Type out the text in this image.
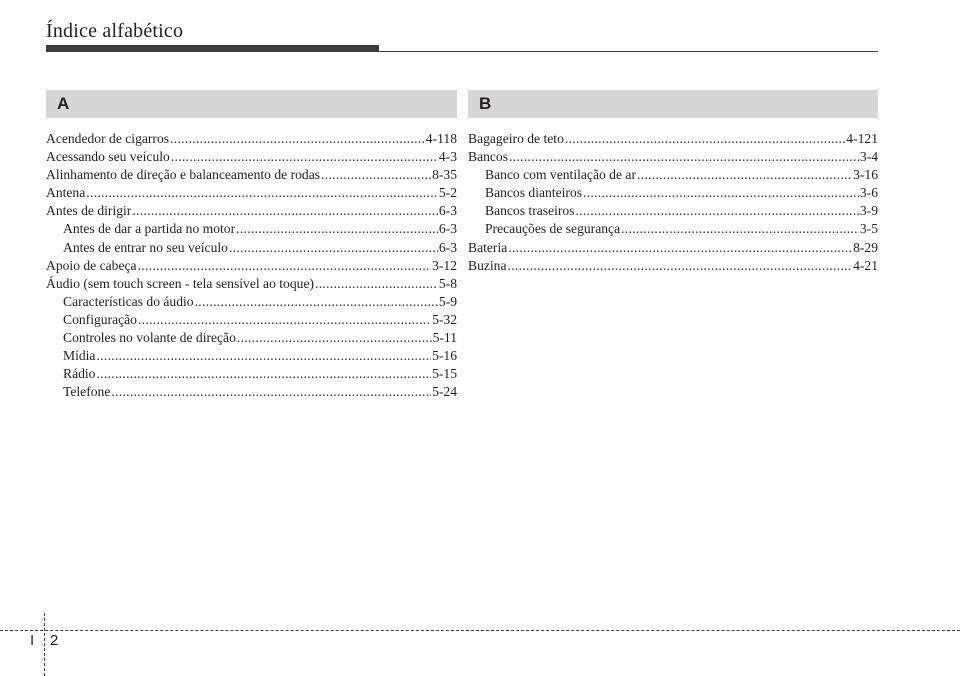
Índice alfabético
A
Acendedor de cigarros .....	4-118
Acessando seu veículo .....	4-3
Alinhamento de direção e balanceamento de rodas .....	8-35
Antena .....	5-2
Antes de dirigir .....	6-3
Antes de dar a partida no motor .....	6-3
Antes de entrar no seu veículo .....	6-3
Apoio de cabeça .....	3-12
Áudio (sem touch screen - tela sensível ao toque) .....	5-8
Características do áudio .....	5-9
Configuração .....	5-32
Controles no volante de direção .....	5-11
Mídia .....	5-16
Rádio .....	5-15
Telefone .....	5-24
B
Bagageiro de teto .....	4-121
Bancos .....	3-4
Banco com ventilação de ar .....	3-16
Bancos dianteiros .....	3-6
Bancos traseiros .....	3-9
Precauções de segurança .....	3-5
Bateria .....	8-29
Buzina .....	4-21
I 2
